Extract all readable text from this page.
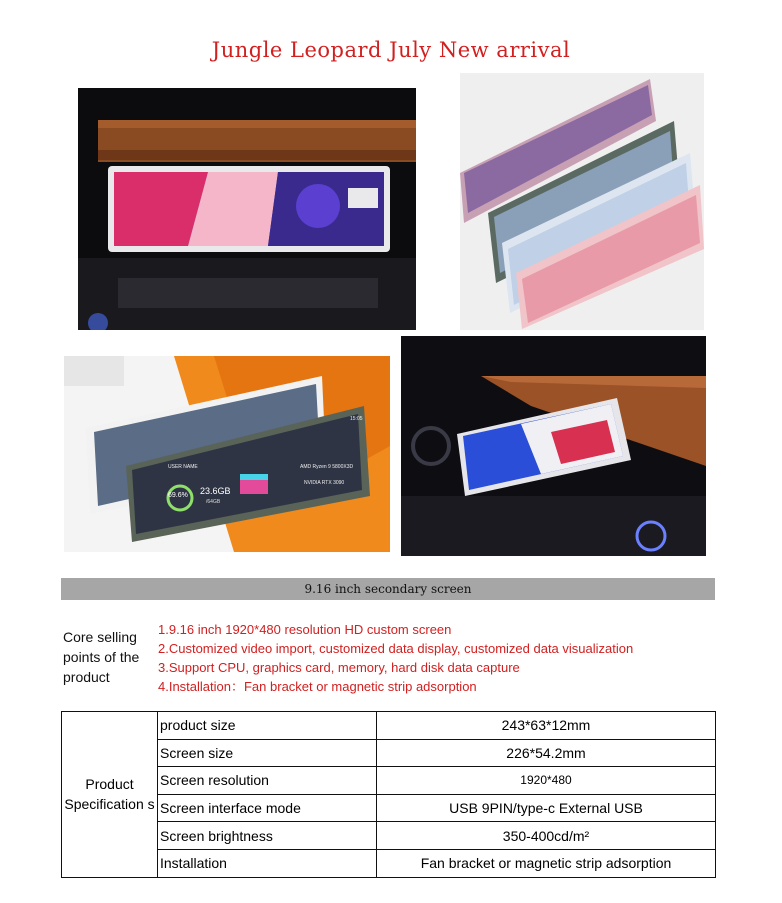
Jungle Leopard July New arrival
69.6% 23.6GB
/64GB
AMD Ryzen 9 5800X3D
NVIDIA RTX 3090
USER NAME
15:05
9.16 inch secondary screen
Core selling points of the product
1.9.16 inch 1920*480 resolution HD custom screen
2.Customized video import, customized data display, customized data visualization
3.Support CPU, graphics card, memory, hard disk data capture
4.Installation：Fan bracket or magnetic strip adsorption
Product Specification s	product size	243*63*12mm
	Screen size	226*54.2mm
	Screen resolution	1920*480
	Screen interface mode	USB 9PIN/type-c External USB
	Screen brightness	350-400cd/m²
	Installation	Fan bracket or magnetic strip adsorption
